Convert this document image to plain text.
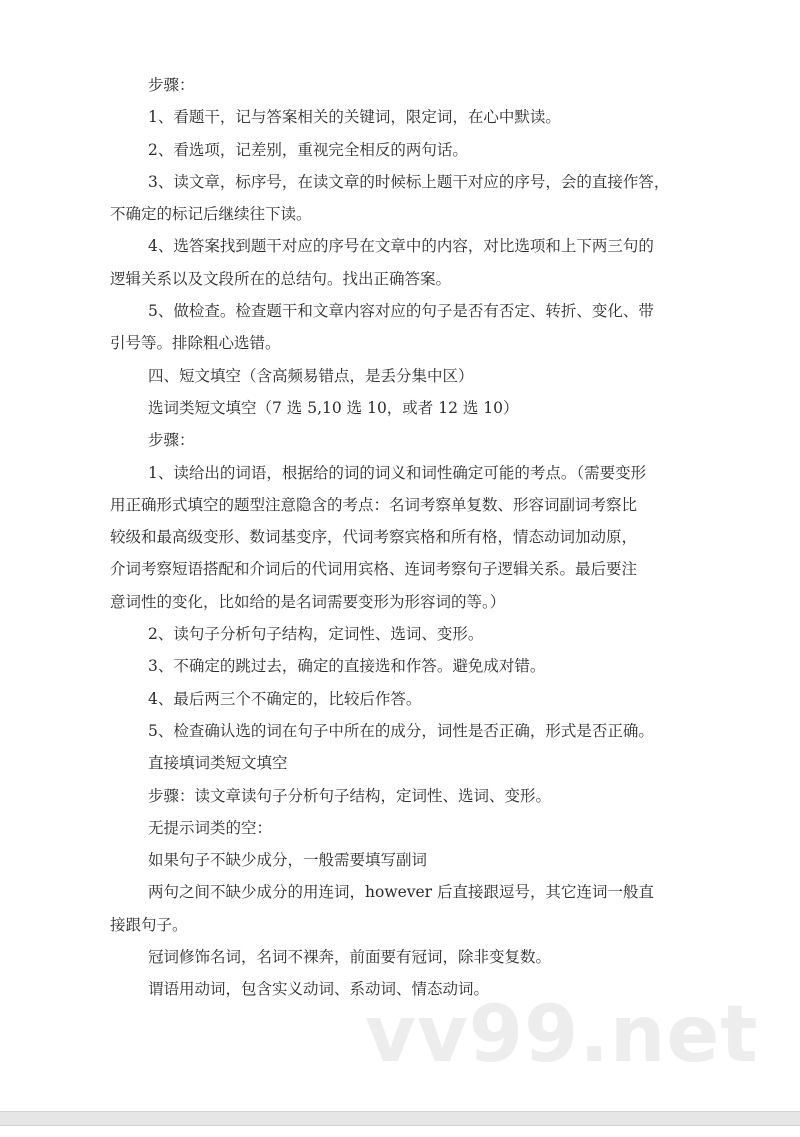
步骤：
1、看题干，记与答案相关的关键词，限定词，在心中默读。
2、看选项，记差别，重视完全相反的两句话。
3、读文章，标序号，在读文章的时候标上题干对应的序号，会的直接作答，
不确定的标记后继续往下读。
4、选答案找到题干对应的序号在文章中的内容，对比选项和上下两三句的
逻辑关系以及文段所在的总结句。找出正确答案。
5、做检查。检查题干和文章内容对应的句子是否有否定、转折、变化、带
引号等。排除粗心选错。
四、短文填空（含高频易错点，是丢分集中区）
选词类短文填空（7 选 5,10 选 10，或者 12 选 10）
步骤：
1、读给出的词语，根据给的词的词义和词性确定可能的考点。（需要变形
用正确形式填空的题型注意隐含的考点：名词考察单复数、形容词副词考察比
较级和最高级变形、数词基变序，代词考察宾格和所有格，情态动词加动原，
介词考察短语搭配和介词后的代词用宾格、连词考察句子逻辑关系。最后要注
意词性的变化，比如给的是名词需要变形为形容词的等。）
2、读句子分析句子结构，定词性、选词、变形。
3、不确定的跳过去，确定的直接选和作答。避免成对错。
4、最后两三个不确定的，比较后作答。
5、检查确认选的词在句子中所在的成分，词性是否正确，形式是否正确。
直接填词类短文填空
步骤：读文章读句子分析句子结构，定词性、选词、变形。
无提示词类的空：
如果句子不缺少成分，一般需要填写副词
两句之间不缺少成分的用连词，however 后直接跟逗号，其它连词一般直
接跟句子。
冠词修饰名词，名词不裸奔，前面要有冠词，除非变复数。
谓语用动词，包含实义动词、系动词、情态动词。
vv99.net
